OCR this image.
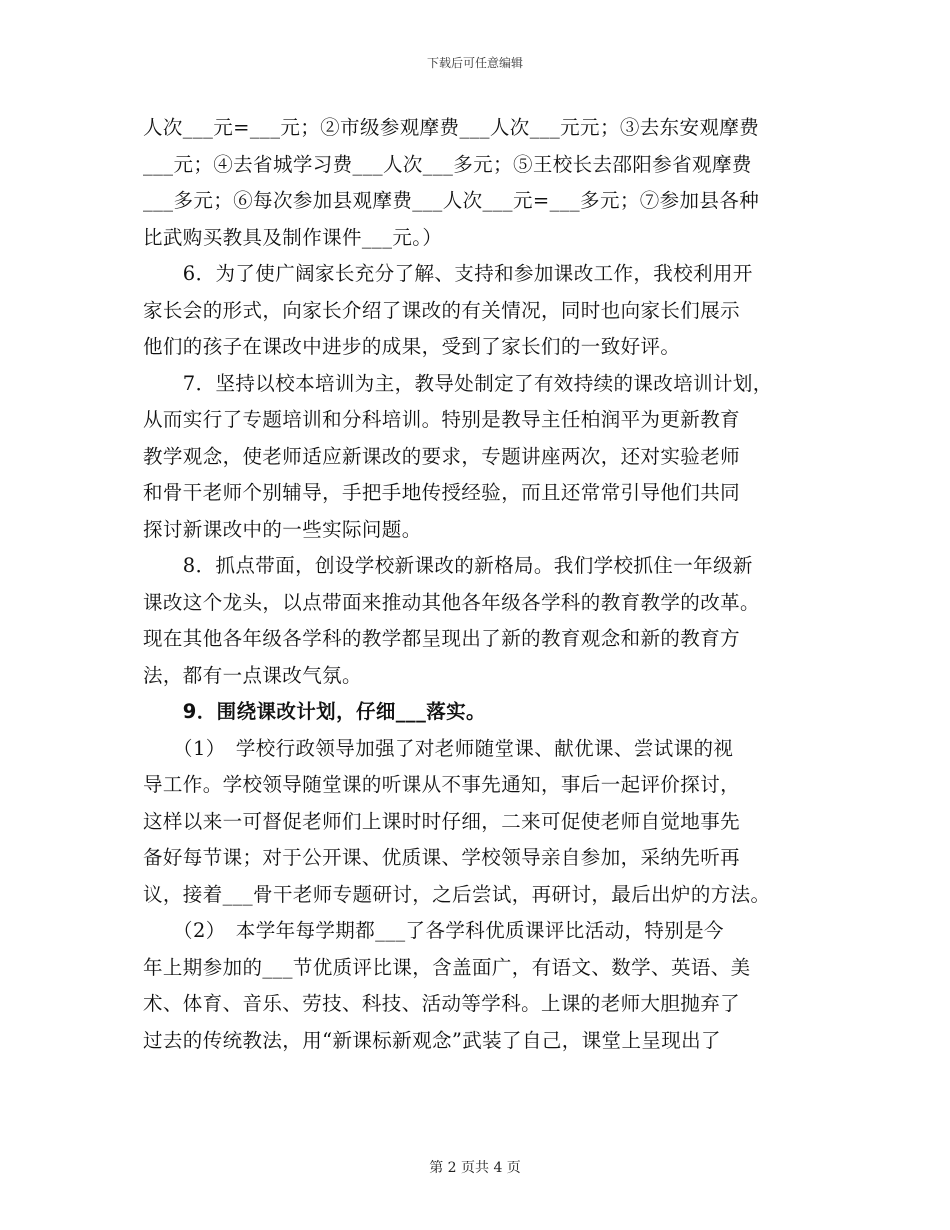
下载后可任意编辑
人次___元=___元；②市级参观摩费___人次___元元；③去东安观摩费
___元；④去省城学习费___人次___多元；⑤王校长去邵阳参省观摩费
___多元；⑥每次参加县观摩费___人次___元=___多元；⑦参加县各种
比武购买教具及制作课件___元。）
　　6．为了使广阔家长充分了解、支持和参加课改工作，我校利用开
家长会的形式，向家长介绍了课改的有关情况，同时也向家长们展示
他们的孩子在课改中进步的成果，受到了家长们的一致好评。
　　7．坚持以校本培训为主，教导处制定了有效持续的课改培训计划，
从而实行了专题培训和分科培训。特别是教导主任柏润平为更新教育
教学观念，使老师适应新课改的要求，专题讲座两次，还对实验老师
和骨干老师个别辅导，手把手地传授经验，而且还常常引导他们共同
探讨新课改中的一些实际问题。
　　8．抓点带面，创设学校新课改的新格局。我们学校抓住一年级新
课改这个龙头，以点带面来推动其他各年级各学科的教育教学的改革。
现在其他各年级各学科的教学都呈现出了新的教育观念和新的教育方
法，都有一点课改气氛。
　　9．围绕课改计划，仔细___落实。
　　（1）　学校行政领导加强了对老师随堂课、献优课、尝试课的视
导工作。学校领导随堂课的听课从不事先通知，事后一起评价探讨，
这样以来一可督促老师们上课时时仔细，二来可促使老师自觉地事先
备好每节课；对于公开课、优质课、学校领导亲自参加，采纳先听再
议，接着___骨干老师专题研讨，之后尝试，再研讨，最后出炉的方法。
　　（2）　本学年每学期都___了各学科优质课评比活动，特别是今
年上期参加的___节优质评比课，含盖面广，有语文、数学、英语、美
术、体育、音乐、劳技、科技、活动等学科。上课的老师大胆抛弃了
过去的传统教法，用“新课标新观念”武装了自己，课堂上呈现出了
第 2 页共 4 页
